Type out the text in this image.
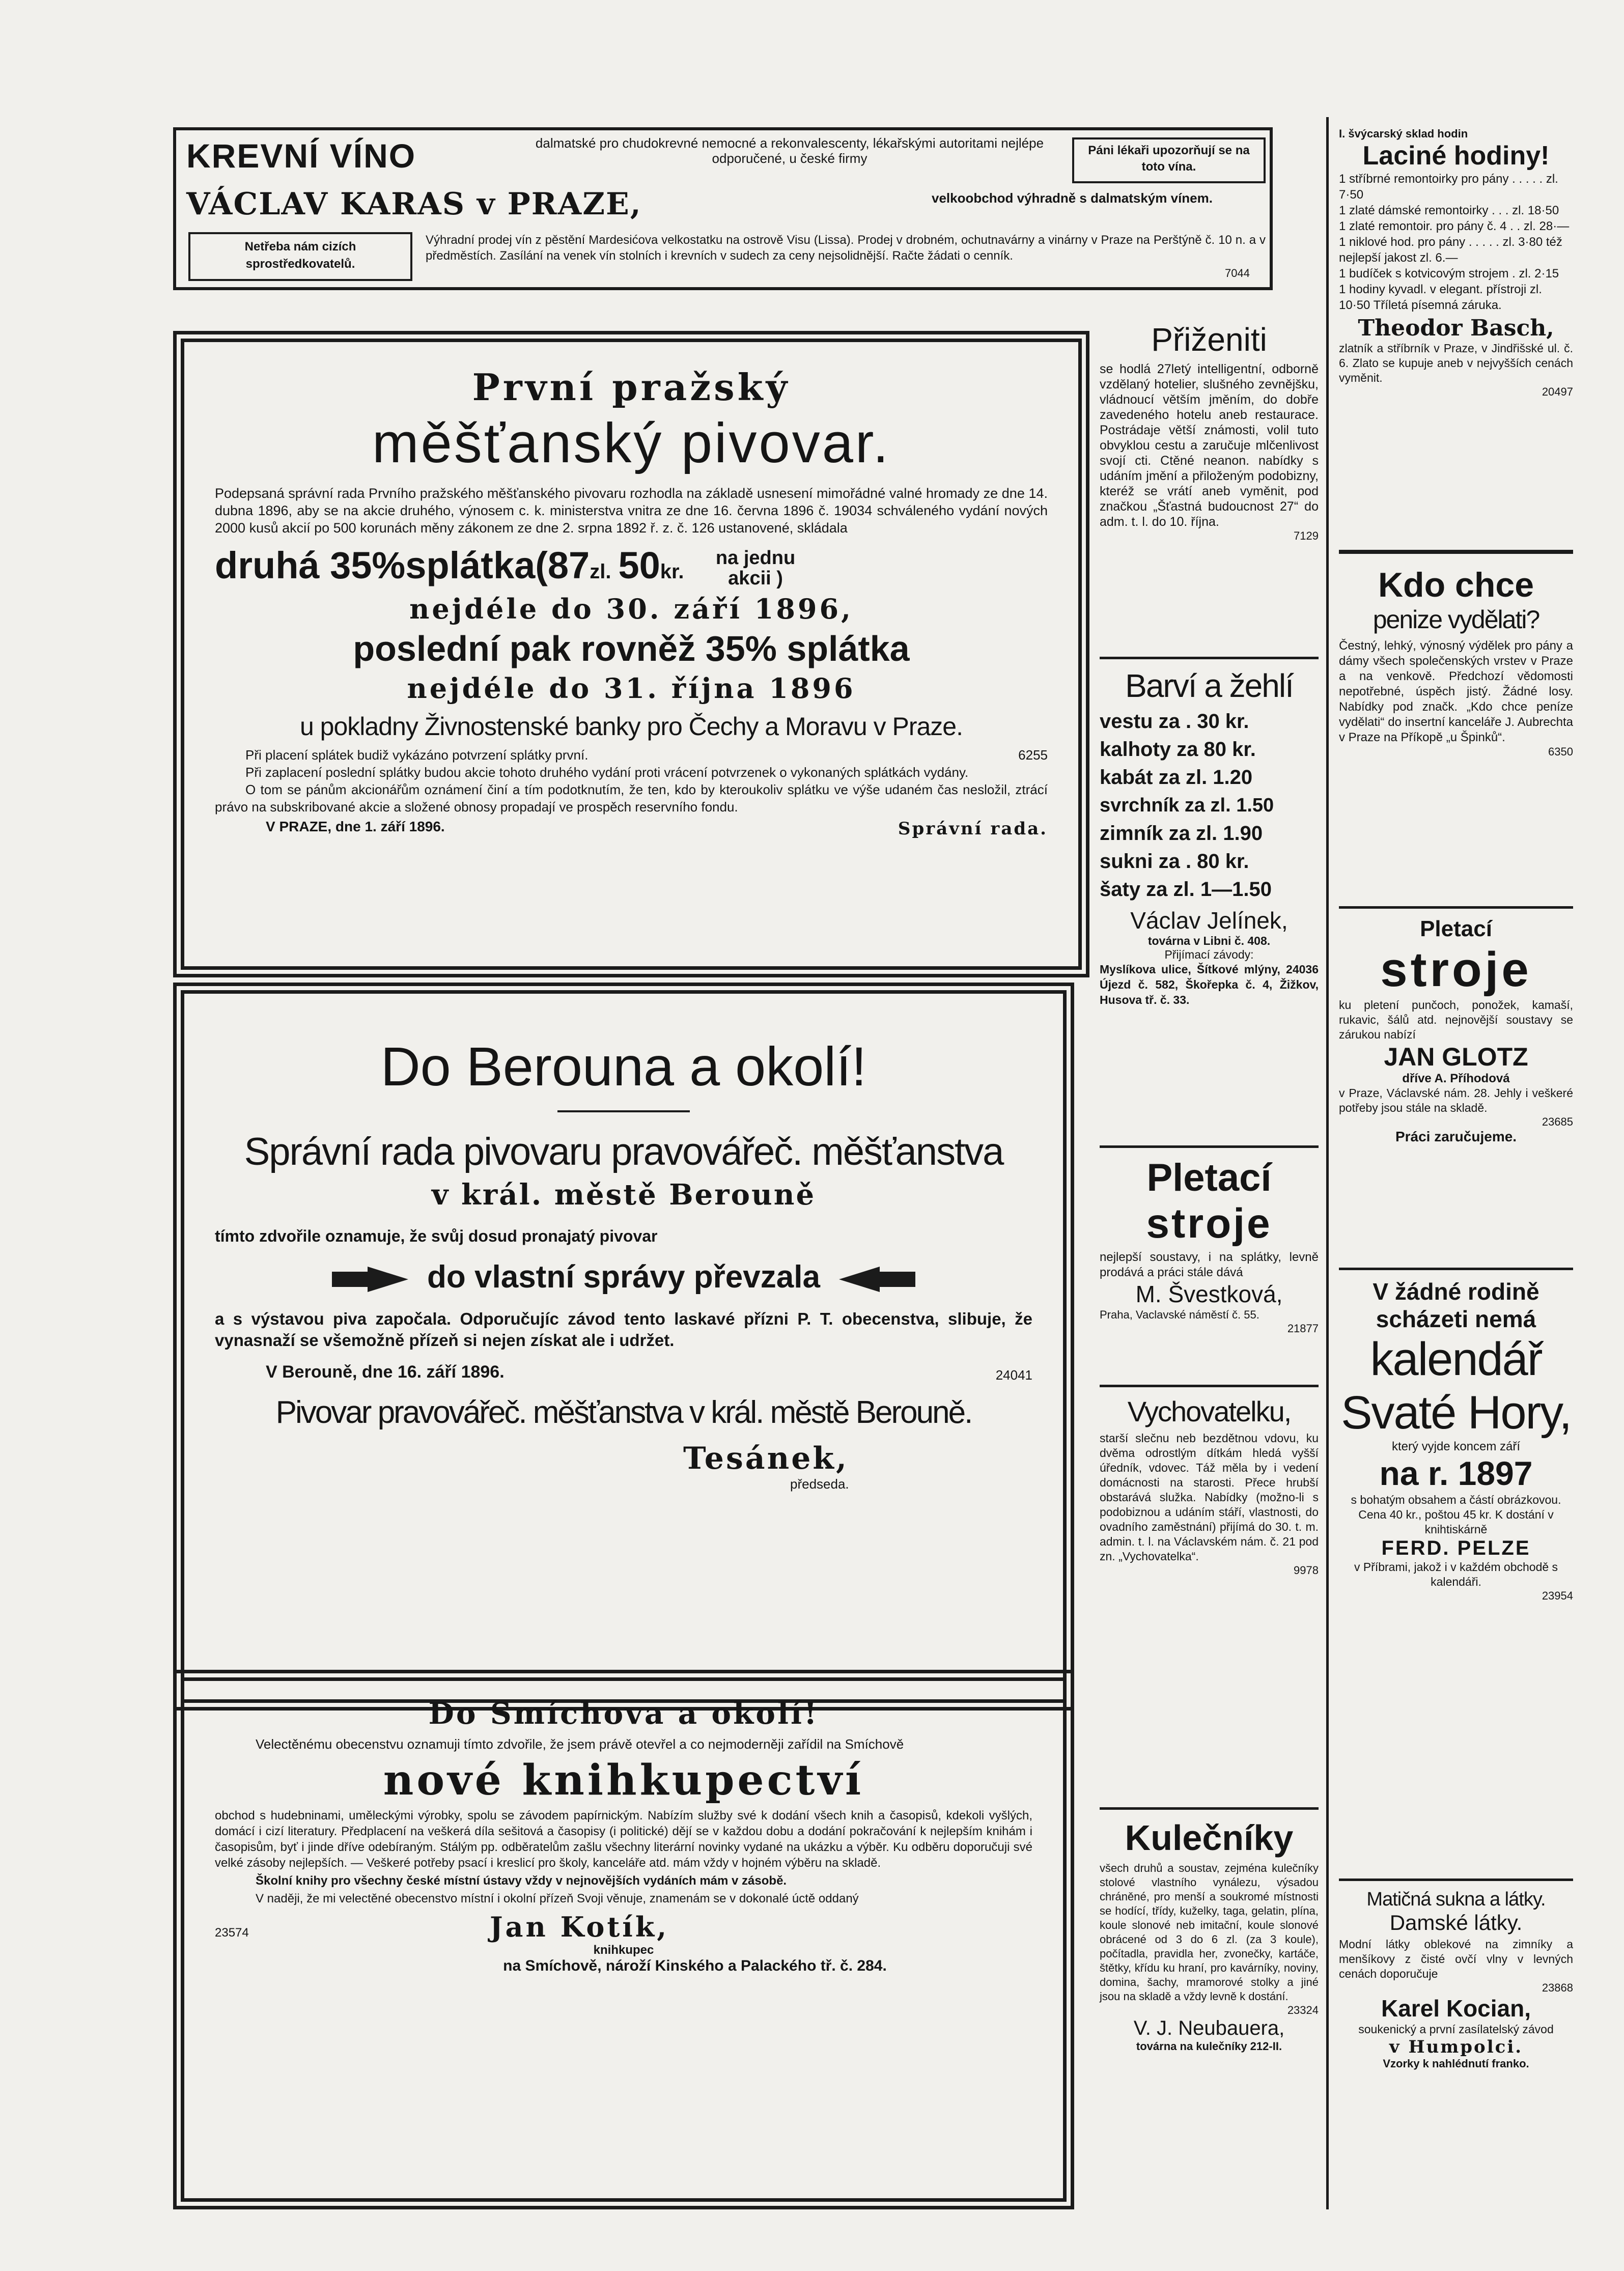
KREVNÍ VÍNO	dalmatské pro chudokrevné nemocné a rekonvalescenty, lékařskými autoritami nejlépe odporučené, u české firmy
Páni lékaři upozorňují se na toto vína.
VÁCLAV KARAS v PRAZE,	velkoobchod výhradně s dalmatským vínem.
Netřeba nám cizích sprostředkovatelů.
Výhradní prodej vín z pěstění Mardesićova velkostatku na ostrově Visu (Lissa). Prodej v drobném, ochutnavárny a vinárny v Praze na Perštýně č. 10 n. a v předměstích. Zasílání na venek vín stolních i krevních v sudech za ceny nejsolidnější. Račte žádati o cenník.
7044
První pražský
měšťanský pivovar.
Podepsaná správní rada Prvního pražského měšťanského pivovaru rozhodla na základě usnesení mimořádné valné hromady ze dne 14. dubna 1896, aby se na akcie druhého, výnosem c. k. ministerstva vnitra ze dne 16. června 1896 č. 19034 schváleného vydání nových 2000 kusů akcií po 500 korunách měny zákonem ze dne 2. srpna 1892 ř. z. č. 126 ustanovené, skládala
druhá 35%splátka(87zl. 50kr. na jednu akcii )
nejdéle do 30. září 1896,
poslední pak rovněž 35% splátka
nejdéle do 31. října 1896
u pokladny Živnostenské banky pro Čechy a Moravu v Praze.
Při placení splátek budiž vykázáno potvrzení splátky první.	6255
Při zaplacení poslední splátky budou akcie tohoto druhého vydání proti vrácení potvrzenek o vykonaných splátkách vydány.
O tom se pánům akcionářům oznámení činí a tím podotknutím, že ten, kdo by kteroukoliv splátku ve výše udaném čas nesložil, ztrácí právo na subskribované akcie a složené obnosy propadají ve prospěch reservního fondu.
V PRAZE, dne 1. září 1896.	Správní rada.
Do Berouna a okolí!
Správní rada pivovaru pravovářeč. měšťanstva
v král. městě Berouně
tímto zdvořile oznamuje, že svůj dosud pronajatý pivovar
do vlastní správy převzala
a s výstavou piva započala. Odporučujíc závod tento laskavé přízni P. T. obecenstva, slibuje, že vynasnaží se všemožně přízeň si nejen získat ale i udržet.
V Berouně, dne 16. září 1896.	24041
Pivovar pravovářeč. měšťanstva v král. městě Berouně.
Tesánek,
předseda.
Do Smíchova a okolí!
Velectěnému obecenstvu oznamuji tímto zdvořile, že jsem právě otevřel a co nejmoderněji zařídil na Smíchově
nové knihkupectví
obchod s hudebninami, uměleckými výrobky, spolu se závodem papírnickým. Nabízím služby své k dodání všech knih a časopisů, kdekoli vyšlých, domácí i cizí literatury. Předplacení na veškerá díla sešitová a časopisy (i politické) dějí se v každou dobu a dodání pokračování k nejlepším knihám i časopisům, byť i jinde dříve odebíraným. Stálým pp. odběratelům zašlu všechny literární novinky vydané na ukázku a výběr. Ku odběru doporučuji své velké zásoby nejlepších. — Veškeré potřeby psací i kreslicí pro školy, kanceláře atd. mám vždy v hojném výběru na skladě.
Školní knihy pro všechny české místní ústavy vždy v nejnovějších vydáních mám v zásobě.
V naději, že mi velectěné obecenstvo místní i okolní přízeň Svoji věnuje, znamenám se v dokonalé úctě oddaný
23574	Jan Kotík,
knihkupec
na Smíchově, nároží Kinského a Palackého tř. č. 284.
Přiženiti
se hodlá 27letý intelligentní, odborně vzdělaný hotelier, slušného zevnějšku, vládnoucí větším jměním, do dobře zavedeného hotelu aneb restaurace. Postrádaje větší známosti, volil tuto obvyklou cestu a zaručuje mlčenlivost svojí cti. Ctěné neanon. nabídky s udáním jmění a přiloženým podobizny, kteréž se vrátí aneb vyměnit, pod značkou „Šťastná budoucnost 27“ do adm. t. l. do 10. října.
7129
Barví a žehlí
vestu za . 30 kr.
kalhoty za 80 kr.
kabát za zl. 1.20
svrchník za zl. 1.50
zimník za zl. 1.90
sukni za . 80 kr.
šaty za zl. 1—1.50
Václav Jelínek,
továrna v Libni č. 408.
Přijímací závody:
Myslíkova ulice, Šítkové mlýny, 24036 Újezd č. 582, Škořepka č. 4, Žižkov, Husova tř. č. 33.
Pletací
stroje
nejlepší soustavy, i na splátky, levně prodává a práci stále dává
M. Švestková,
Praha, Vaclavské náměstí č. 55.
21877
Vychovatelku,
starší slečnu neb bezdětnou vdovu, ku dvěma odrostlým dítkám hledá vyšší úředník, vdovec. Táž měla by i vedení domácnosti na starosti. Přece hrubší obstarává služka. Nabídky (možno-li s podobiznou a udáním stáří, vlastnosti, do ovadního zaměstnání) přijímá do 30. t. m. admin. t. l. na Václavském nám. č. 21 pod zn. „Vychovatelka“.
9978
Kulečníky
všech druhů a soustav, zejména kulečníky stolové vlastního vynálezu, výsadou chráněné, pro menší a soukromé místnosti se hodící, třídy, kuželky, taga, gelatin, plína, koule slonové neb imitační, koule slonové obrácené od 3 do 6 zl. (za 3 koule), počítadla, pravidla her, zvonečky, kartáče, štětky, křídu ku hraní, pro kavárníky, noviny, domina, šachy, mramorové stolky a jiné jsou na skladě a vždy levně k dostání.
23324
V. J. Neubauera,
továrna na kulečníky 212-II.
I. švýcarský sklad hodin
Laciné hodiny!
1 stříbrné remontoirky pro pány . . . . . zl. 7·50
1 zlaté dámské remontoirky . . . zl. 18·50
1 zlaté remontoir. pro pány č. 4 . . zl. 28·—
1 niklové hod. pro pány . . . . . zl. 3·80 též nejlepší jakost zl. 6.—
1 budíček s kotvicovým strojem . zl. 2·15
1 hodiny kyvadl. v elegant. přístroji zl. 10·50 Tříletá písemná záruka.
Theodor Basch,
zlatník a stříbrník v Praze, v Jindřišské ul. č. 6. Zlato se kupuje aneb v nejvyšších cenách vyměnit.
20497
Kdo chce
penize vydělati?
Čestný, lehký, výnosný výdělek pro pány a dámy všech společenských vrstev v Praze a na venkově. Předchozí vědomosti nepotřebné, úspěch jistý. Žádné losy. Nabídky pod značk. „Kdo chce peníze vydělati“ do insertní kanceláře J. Aubrechta v Praze na Příkopě „u Špinků“.
6350
Pletací
stroje
ku pletení punčoch, ponožek, kamaší, rukavic, šálů atd. nejnovější soustavy se zárukou nabízí
JAN GLOTZ
dříve A. Příhodová
v Praze, Václavské nám. 28. Jehly i veškeré potřeby jsou stále na skladě.
23685
Práci zaručujeme.
V žádné rodině
scházeti nemá
kalendář
Svaté Hory,
který vyjde koncem září
na r. 1897
s bohatým obsahem a částí obrázkovou. Cena 40 kr., poštou 45 kr. K dostání v knihtiskárně
FERD. PELZE
v Příbrami, jakož i v každém obchodě s kalendáři.
23954
Matičná sukna a látky.
Damské látky.
Modní látky oblekové na zimníky a menšíkovy z čisté ovčí vlny v levných cenách doporučuje
23868
Karel Kocian,
soukenický a první zasílatelský závod
v Humpolci.
Vzorky k nahlédnutí franko.
